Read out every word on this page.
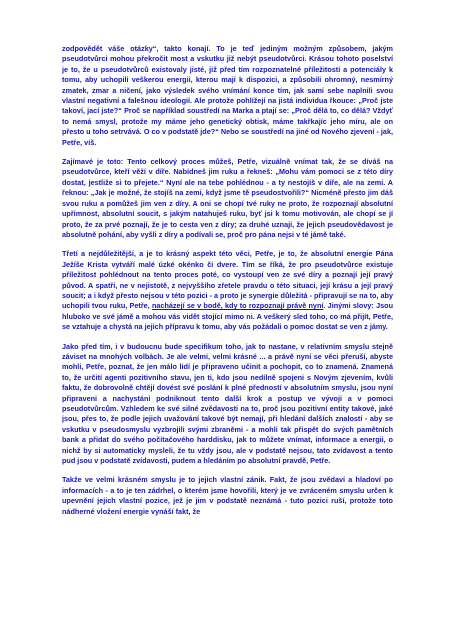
zodpovědět váše otázky“, takto konají. To je teď jediným možným způsobem, jakým pseudotvůrci mohou překročit most a vskutku již nebýt pseudotvůrci. Krásou tohoto poselství je to, že u pseudotvůrců existovaly jisté, již před tím rozpoznatelné příležitosti a potenciály k tomu, aby uchopili veškerou energii, kterou mají k dispozici, a způsobili ohromný, nesmírný zmatek, zmar a ničení, jako výsledek svého vnímání konce tím, jak sami sebe naplnili svou vlastní negativní a falešnou ideologií. Ale protože pohlížejí na jistá individua řkouce: „Proč jste takoví, jací jste?“ Proč se například soustředí na Marka a ptají se: „Proč dělá to, co dělá? Vždyť to nemá smysl, protože my máme jeho genetický obtisk, máme takřkajíc jeho míru, ale on přesto u toho setrvává. O co v podstatě jde?“ Nebo se soustředí na jiné od Nového zjevení - jak, Petře, víš.

Zajímavé je toto: Tento celkový proces můžeš, Petře, vizuálně vnímat tak, že se díváš na pseudotvůrce, kteří věží v díře. Nabídneš jim ruku a řekneš: „Mohu vám pomoci se z této díry dostat, jestliže si to přejete.“ Nyní ale na tebe pohlédnou - a ty nestojíš v díře, ale na zemi. A řeknou: „Jak je možné, že stojíš na zemi, když jsme tě pseudostvořili?“ Nicméně přesto jim dáš svou ruku a pomůžeš jim ven z díry. A oni se chopí tvé ruky ne proto, že rozpoznají absolutní upřímnost, absolutní soucit, s jakým natahuješ ruku, byť jsi k tomu motivován, ale chopí se jí proto, že za prvé poznají, že je to cesta ven z díry; za druhé uznají, že jejich pseudovědavost je absolutně pohání, aby vyšli z díry a podívali se, proč pro pána nejsi v té jámě také.

Třetí a nejdůležitější, a je to krásný aspekt této věci, Petře, je to, že absolutní energie Pána Ježíše Krista vytváří malé úzké okénko či dvere. Tím se říká, že pro pseudotvůrce existuje příležitost pohlédnout na tento proces poté, co vystoupí ven ze své díry a poznají její pravý původ. A spatří, ne v nejistotě, z nejvyššího zřetele pravdu o této situaci, její krásu a její pravý soucit; a i když přesto nejsou v této pozici - a proto je synergie důležitá - připravují se na to, aby uchopili tvou ruku, Petře, nacházejí se v bodě, kdy to rozpoznají právě nyní. Jinými slovy: Jsou hluboko ve své jámě a mohou vás vidět stojící mimo ni. A veškerý sled toho, co má přijít, Petře, se vztahuje a chystá na jejich přípravu k tomu, aby vás požádali o pomoc dostat se ven z jámy.

Jako před tím, i v budoucnu bude specifikum toho, jak to nastane, v relativním smyslu stejně záviset na mnohých volbách. Je ale velmi, velmi krásné ... a právě nyní se věci přeruší, abyste mohli, Petře, poznat, že jen málo lidí je připraveno učinit a pochopit, co to znamená. Znamená to, že určití agenti pozitivního stavu, jen ti, kdo jsou nedílně spojeni s Novým zjevením, kvůli faktu, že dobrovolně chtějí dovést své poslání k plné předností v absolutním smyslu, jsou nyní připraveni a nachystáni podniknout tento další krok a postup ve vývoji a v pomoci pseudotvůrcům. Vzhledem ke své silné zvědavosti na to, proč jsou pozitivní entity takové, jaké jsou, přes to, že podle jejich uvažování takové být nemají, při hledání dalších znalostí - aby se vskutku v pseudosmyslu vyzbrojili svými zbraněmi - a mohli tak přispět do svých pamětních bank a přidat do svého počítačového harddisku, jak to můžete vnímat, informace a energii, o nichž by si automaticky mysleli, že tu vždy jsou, ale v podstatě nejsou, tato zvídavost a tento pud jsou v podstatě zvídavosti, pudem a hledáním po absolutní pravdě, Petře.

Takže ve velmi krásném smyslu je to jejich vlastní zánik. Fakt, že jsou zvědaví a hladoví po informacích - a to je ten zádrhel, o kterém jsme hovořili, který je ve zvráceném smyslu určen k upevnění jejich vlastní pozice, jež je jim v podstatě neznámá - tuto pozici ruší, protože toto nádherné vložení energie vynáší fakt, že
